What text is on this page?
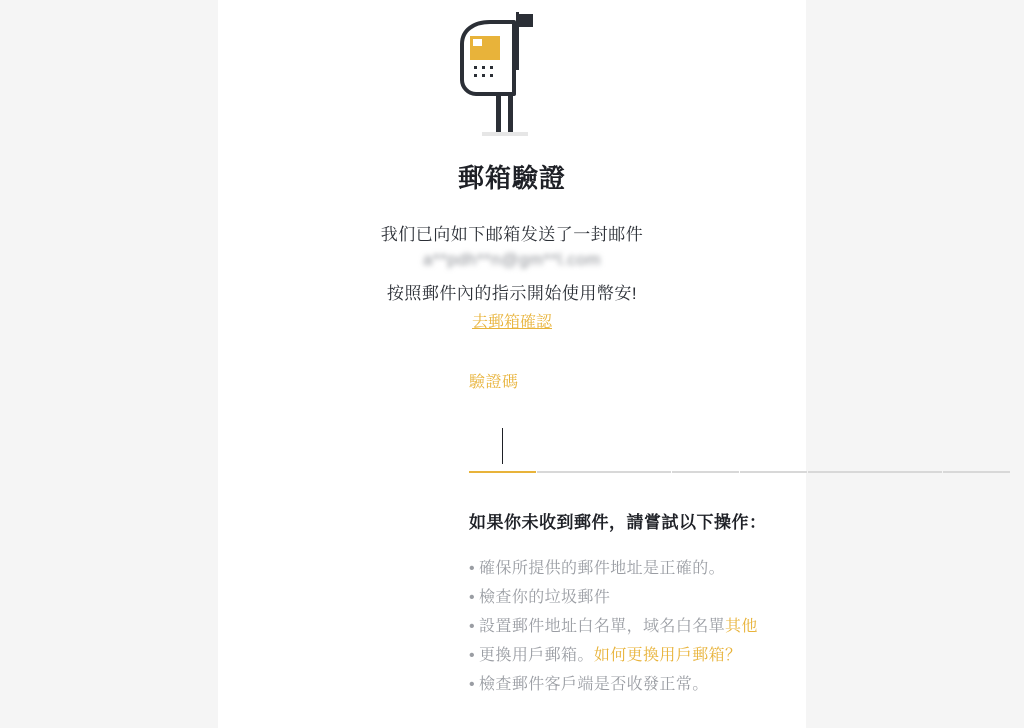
郵箱驗證
我们已向如下邮箱发送了一封邮件
a**pdh**n@gm**l.com
按照郵件內的指示開始使用幣安!
去郵箱確認
驗證碼
如果你未收到郵件，請嘗試以下操作：
• 確保所提供的郵件地址是正確的。
• 檢查你的垃圾郵件
• 設置郵件地址白名單，域名白名單其他
• 更換用戶郵箱。如何更換用戶郵箱？
• 檢查郵件客戶端是否收發正常。
